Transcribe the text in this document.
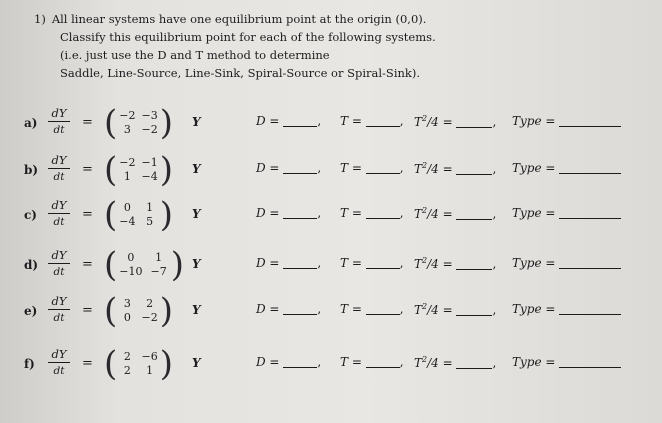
1) All linear systems have one equilibrium point at the origin (0,0).
Classify this equilibrium point for each of the following systems.
(i.e. just use the D and T method to determine
Saddle, Line-Source, Line-Sink, Spiral-Source or Spiral-Sink).
a)
dY
dt	= ( −2 −3
3 −2 ) Y	D =	, T =	, $T^2/4$ =	, Type =
b)
dY
dt	= ( −2 −1
1 −4 ) Y	D =	, T =	, $T^2/4$ =	, Type =
c)
dY
dt	= ( 0	1
−4 5 ) Y	D =	, T =	, $T^2/4$ =	, Type =
d)
dY
dt	= ( 0	1
−10 −7 ) Y	D =	, T =	, $T^2/4$ =	, Type =
e)
dY
dt	= ( 3	2
0 −2 ) Y	D =	, T =	, $T^2/4$ =	, Type =
f)
dY
dt	= ( 2 −6
2	1 ) Y	D =	, T =	, $T^2/4$ =	, Type =
